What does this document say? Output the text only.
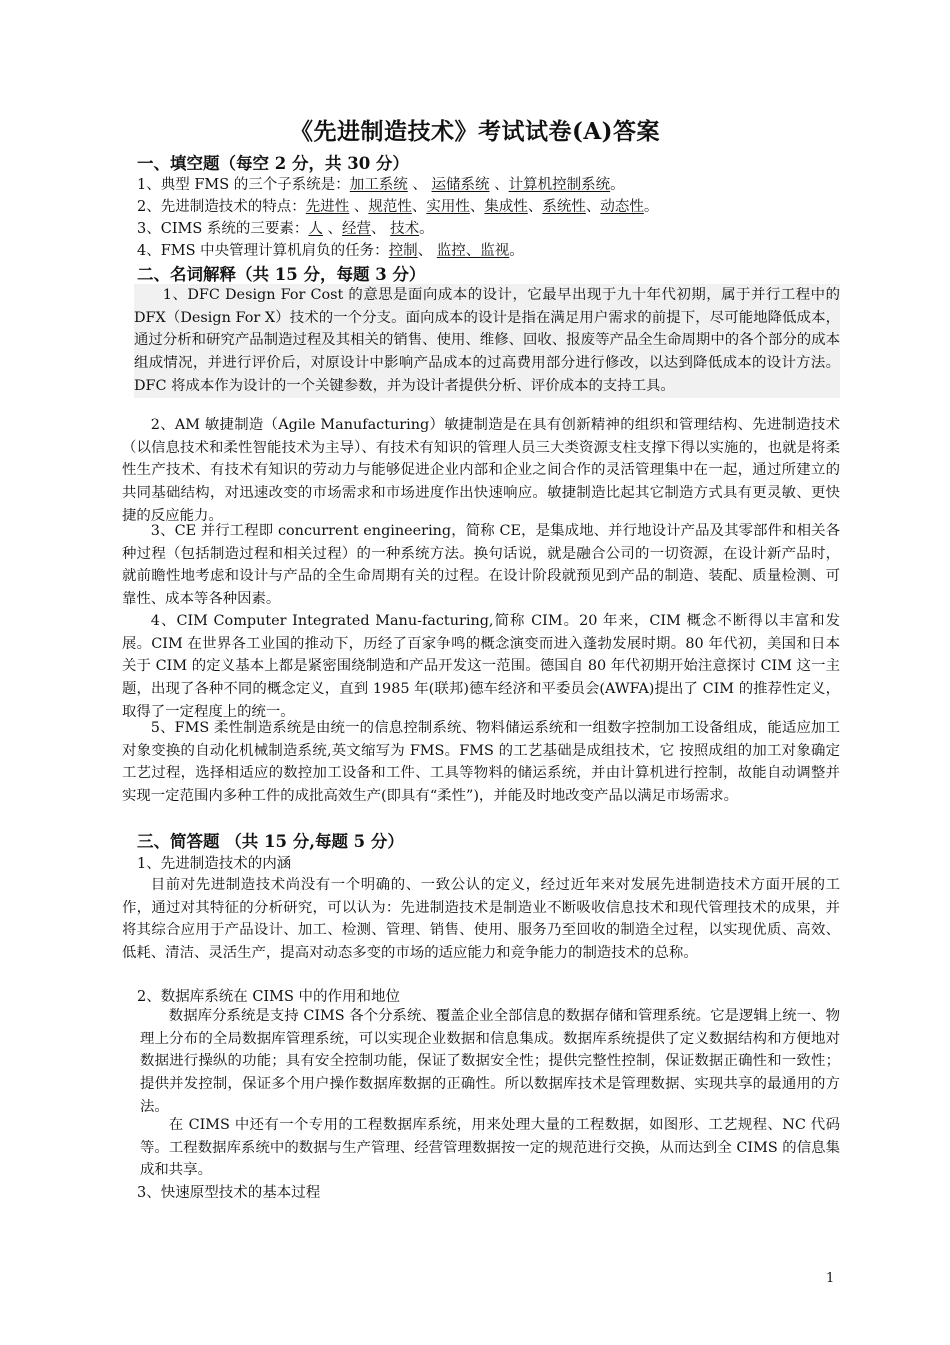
《先进制造技术》考试试卷(A)答案
一、填空题（每空 2 分，共 30 分）
1、典型 FMS 的三个子系统是：加工系统 、 运储系统 、计算机控制系统。
2、先进制造技术的特点：先进性 、规范性、实用性、集成性、系统性、动态性。
3、CIMS 系统的三要素：人 、经营、 技术。
4、FMS 中央管理计算机肩负的任务：控制、 监控、监视。
二、名词解释（共 15 分，每题 3 分）
1、DFC Design For Cost 的意思是面向成本的设计，它最早出现于九十年代初期，属于并行工程中的 DFX（Design For X）技术的一个分支。面向成本的设计是指在满足用户需求的前提下，尽可能地降低成本，通过分析和研究产品制造过程及其相关的销售、使用、维修、回收、报废等产品全生命周期中的各个部分的成本组成情况，并进行评价后，对原设计中影响产品成本的过高费用部分进行修改，以达到降低成本的设计方法。DFC 将成本作为设计的一个关键参数，并为设计者提供分析、评价成本的支持工具。
2、AM 敏捷制造（Agile Manufacturing）敏捷制造是在具有创新精神的组织和管理结构、先进制造技术（以信息技术和柔性智能技术为主导）、有技术有知识的管理人员三大类资源支柱支撑下得以实施的，也就是将柔性生产技术、有技术有知识的劳动力与能够促进企业内部和企业之间合作的灵活管理集中在一起，通过所建立的共同基础结构，对迅速改变的市场需求和市场进度作出快速响应。敏捷制造比起其它制造方式具有更灵敏、更快捷的反应能力。
3、CE 并行工程即 concurrent engineering，简称 CE，是集成地、并行地设计产品及其零部件和相关各种过程（包括制造过程和相关过程）的一种系统方法。换句话说，就是融合公司的一切资源，在设计新产品时，就前瞻性地考虑和设计与产品的全生命周期有关的过程。在设计阶段就预见到产品的制造、装配、质量检测、可靠性、成本等各种因素。
4、CIM Computer Integrated Manu-facturing,简称 CIM。20 年来，CIM 概念不断得以丰富和发展。CIM 在世界各工业国的推动下，历经了百家争鸣的概念演变而进入蓬勃发展时期。80 年代初，美国和日本关于 CIM 的定义基本上都是紧密围绕制造和产品开发这一范围。德国自 80 年代初期开始注意探讨 CIM 这一主题，出现了各种不同的概念定义，直到 1985 年(联邦)德车经济和平委员会(AWFA)提出了 CIM 的推荐性定义，取得了一定程度上的统一。
5、FMS 柔性制造系统是由统一的信息控制系统、物料储运系统和一组数字控制加工设备组成，能适应加工对象变换的自动化机械制造系统,英文缩写为 FMS。FMS 的工艺基础是成组技术，它 按照成组的加工对象确定工艺过程，选择相适应的数控加工设备和工件、工具等物料的储运系统，并由计算机进行控制，故能自动调整并实现一定范围内多种工件的成批高效生产(即具有“柔性”)，并能及时地改变产品以满足市场需求。
三、简答题 （共 15 分,每题 5 分）
1、先进制造技术的内涵
目前对先进制造技术尚没有一个明确的、一致公认的定义，经过近年来对发展先进制造技术方面开展的工作，通过对其特征的分析研究，可以认为：先进制造技术是制造业不断吸收信息技术和现代管理技术的成果，并将其综合应用于产品设计、加工、检测、管理、销售、使用、服务乃至回收的制造全过程，以实现优质、高效、低耗、清洁、灵活生产，提高对动态多变的市场的适应能力和竞争能力的制造技术的总称。
2、数据库系统在 CIMS 中的作用和地位
数据库分系统是支持 CIMS 各个分系统、覆盖企业全部信息的数据存储和管理系统。它是逻辑上统一、物理上分布的全局数据库管理系统，可以实现企业数据和信息集成。数据库系统提供了定义数据结构和方便地对数据进行操纵的功能；具有安全控制功能，保证了数据安全性；提供完整性控制，保证数据正确性和一致性；提供并发控制，保证多个用户操作数据库数据的正确性。所以数据库技术是管理数据、实现共享的最通用的方法。
在 CIMS 中还有一个专用的工程数据库系统，用来处理大量的工程数据，如图形、工艺规程、NC 代码等。工程数据库系统中的数据与生产管理、经营管理数据按一定的规范进行交换，从而达到全 CIMS 的信息集成和共享。
3、快速原型技术的基本过程
1
